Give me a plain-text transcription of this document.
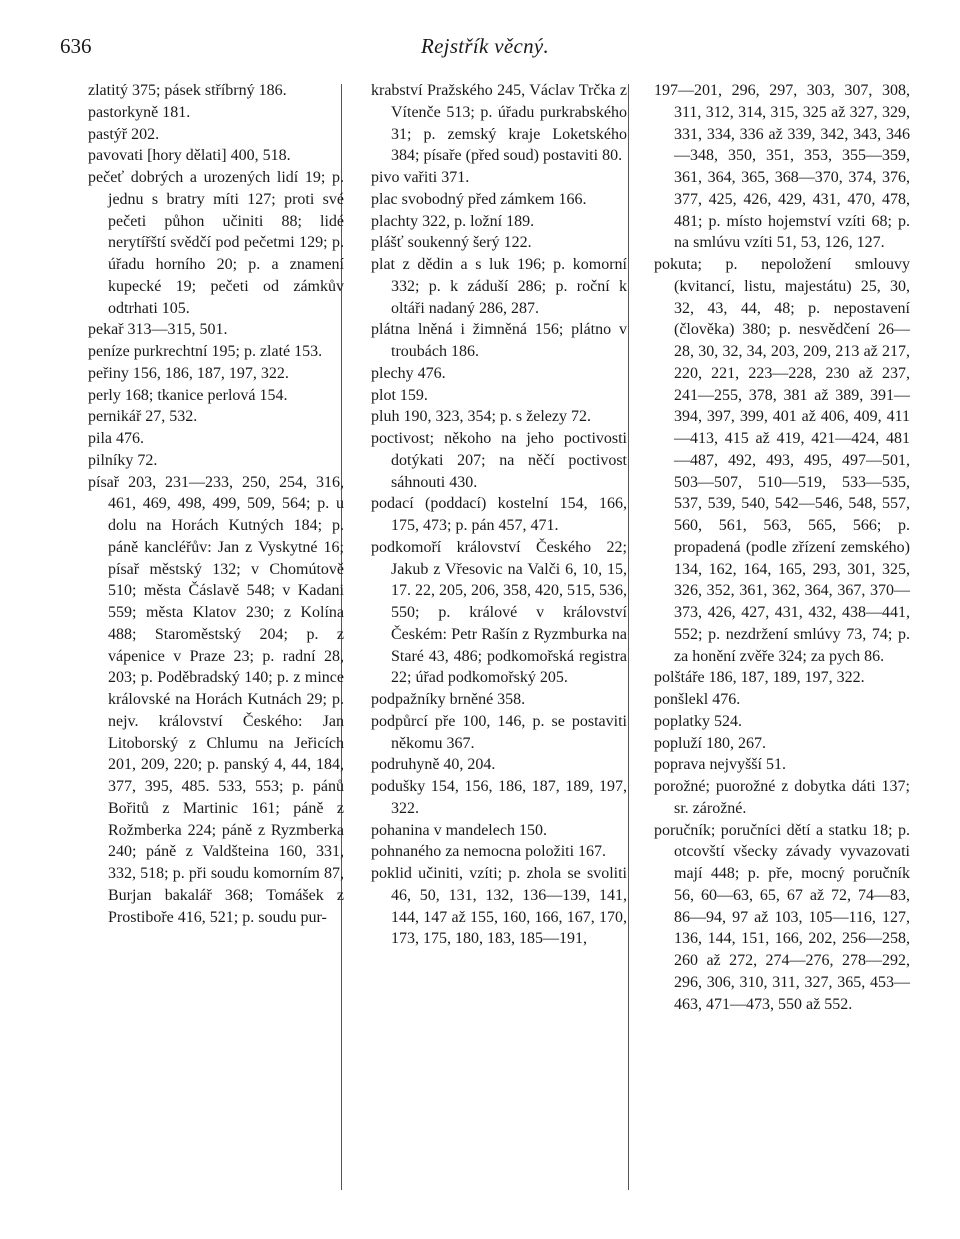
636	Rejstřík věcný.

zlatitý 375; pásek stříbrný 186.

pastorkyně 181.

pastýř 202.

pavovati [hory dělati] 400, 518.

pečeť dobrých a urozených lidí 19; p. jednu s bratry míti 127; proti své pečeti půhon učiniti 88; lidé nerytířští svědčí pod pečetmi 129; p. úřadu horního 20; p. a znamení kupecké 19; pečeti od zámkův odtrhati 105.

pekař 313—315, 501.

peníze purkrechtní 195; p. zlaté 153.

peřiny 156, 186, 187, 197, 322.

perly 168; tkanice perlová 154.

pernikář 27, 532.

pila 476.

pilníky 72.

písař 203, 231—233, 250, 254, 316, 461, 469, 498, 499, 509, 564; p. u dolu na Horách Kutných 184; p. páně kancléřův: Jan z Vyskytné 16; písař městský 132; v Chomútově 510; města Čáslavě 548; v Kadani 559; města Klatov 230; z Kolína 488; Staroměstský 204; p. z vápenice v Praze 23; p. radní 28, 203; p. Poděbradský 140; p. z mince královské na Horách Kutnách 29; p. nejv. království Českého: Jan Litoborský z Chlumu na Jeřicích 201, 209, 220; p. panský 4, 44, 184, 377, 395, 485. 533, 553; p. pánů Bořitů z Martinic 161; páně z Rožmberka 224; páně z Ryzmberka 240; páně z Valdšteina 160, 331, 332, 518; p. při soudu komorním 87, Burjan bakalář 368; Tomášek z Prostiboře 416, 521; p. soudu pur-

krabství Pražského 245, Václav Trčka z Vítenče 513; p. úřadu purkrabského 31; p. zemský kraje Loketského 384; písaře (před soud) postaviti 80.

pivo vařiti 371.

plac svobodný před zámkem 166.

plachty 322, p. ložní 189.

plášť soukenný šerý 122.

plat z dědin a s luk 196; p. komorní 332; p. k záduší 286; p. roční k oltáři nadaný 286, 287.

plátna lněná i žimněná 156; plátno v troubách 186.

plechy 476.

plot 159.

pluh 190, 323, 354; p. s železy 72.

poctivost; někoho na jeho poctivosti dotýkati 207; na něčí poctivost sáhnouti 430.

podací (poddací) kostelní 154, 166, 175, 473; p. pán 457, 471.

podkomoří království Českého 22; Jakub z Vřesovic na Valči 6, 10, 15, 17. 22, 205, 206, 358, 420, 515, 536, 550; p. králové v království Českém: Petr Rašín z Ryzmburka na Staré 43, 486; podkomořská registra 22; úřad podkomořský 205.

podpažníky brněné 358.

podpůrcí pře 100, 146, p. se postaviti někomu 367.

podruhyně 40, 204.

podušky 154, 156, 186, 187, 189, 197, 322.

pohanina v mandelech 150.

pohnaného za nemocna položiti 167.

poklid učiniti, vzíti; p. zhola se svoliti 46, 50, 131, 132, 136—139, 141, 144, 147 až 155, 160, 166, 167, 170, 173, 175, 180, 183, 185—191,

197—201, 296, 297, 303, 307, 308, 311, 312, 314, 315, 325 až 327, 329, 331, 334, 336 až 339, 342, 343, 346—348, 350, 351, 353, 355—359, 361, 364, 365, 368—370, 374, 376, 377, 425, 426, 429, 431, 470, 478, 481; p. místo hojemství vzíti 68; p. na smlúvu vzíti 51, 53, 126, 127.

pokuta; p. nepoložení smlouvy (kvitancí, listu, majestátu) 25, 30, 32, 43, 44, 48; p. nepostavení (člověka) 380; p. nesvědčení 26—28, 30, 32, 34, 203, 209, 213 až 217, 220, 221, 223—228, 230 až 237, 241—255, 378, 381 až 389, 391—394, 397, 399, 401 až 406, 409, 411—413, 415 až 419, 421—424, 481—487, 492, 493, 495, 497—501, 503—507, 510—519, 533—535, 537, 539, 540, 542—546, 548, 557, 560, 561, 563, 565, 566; p. propadená (podle zřízení zemského) 134, 162, 164, 165, 293, 301, 325, 326, 352, 361, 362, 364, 367, 370—373, 426, 427, 431, 432, 438—441, 552; p. nezdržení smlúvy 73, 74; p. za honění zvěře 324; za pych 86.

polštáře 186, 187, 189, 197, 322.

ponšlekl 476.

poplatky 524.

popluží 180, 267.

poprava nejvyšší 51.

porožné; puorožné z dobytka dáti 137; sr. zárožné.

poručník; poručníci dětí a statku 18; p. otcovští všecky závady vyvazovati mají 448; p. pře, mocný poručník 56, 60—63, 65, 67 až 72, 74—83, 86—94, 97 až 103, 105—116, 127, 136, 144, 151, 166, 202, 256—258, 260 až 272, 274—276, 278—292, 296, 306, 310, 311, 327, 365, 453—463, 471—473, 550 až 552.
